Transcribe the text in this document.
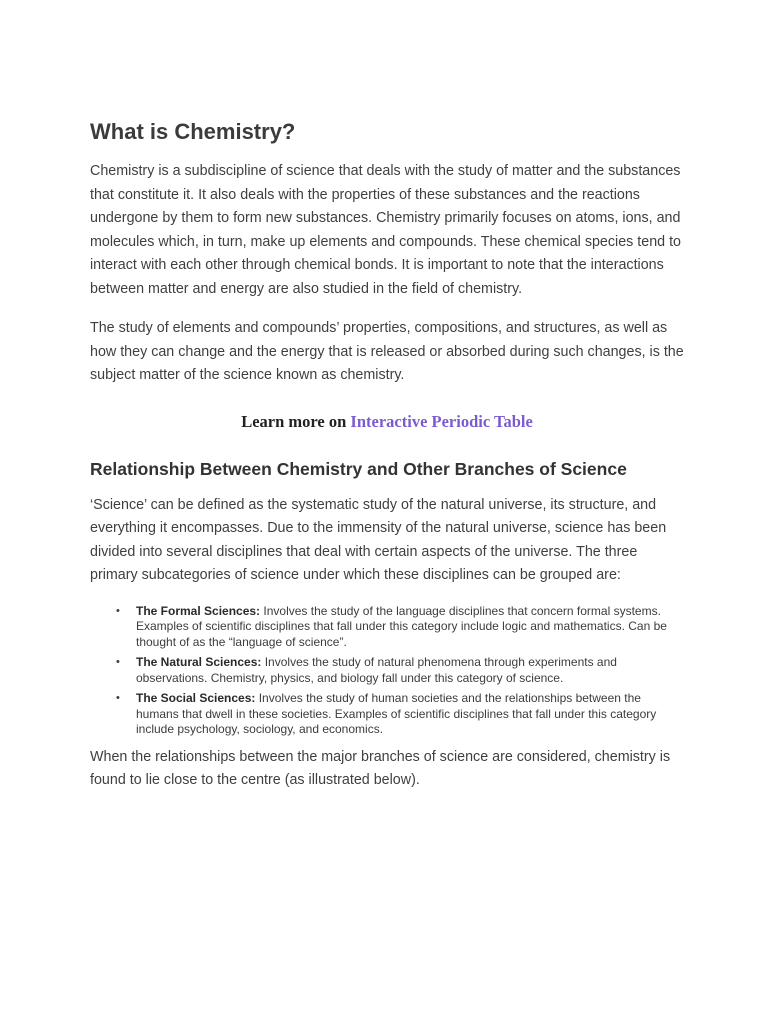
What is Chemistry?

Chemistry is a subdiscipline of science that deals with the study of matter and the substances that constitute it. It also deals with the properties of these substances and the reactions undergone by them to form new substances. Chemistry primarily focuses on atoms, ions, and molecules which, in turn, make up elements and compounds. These chemical species tend to interact with each other through chemical bonds. It is important to note that the interactions between matter and energy are also studied in the field of chemistry.

The study of elements and compounds’ properties, compositions, and structures, as well as how they can change and the energy that is released or absorbed during such changes, is the subject matter of the science known as chemistry.

Learn more on Interactive Periodic Table
Relationship Between Chemistry and Other Branches of Science

‘Science’ can be defined as the systematic study of the natural universe, its structure, and everything it encompasses. Due to the immensity of the natural universe, science has been divided into several disciplines that deal with certain aspects of the universe. The three primary subcategories of science under which these disciplines can be grouped are:

• The Formal Sciences: Involves the study of the language disciplines that concern formal systems. Examples of scientific disciplines that fall under this category include logic and mathematics. Can be thought of as the “language of science”.
• The Natural Sciences: Involves the study of natural phenomena through experiments and observations. Chemistry, physics, and biology fall under this category of science.
• The Social Sciences: Involves the study of human societies and the relationships between the humans that dwell in these societies. Examples of scientific disciplines that fall under this category include psychology, sociology, and economics.

When the relationships between the major branches of science are considered, chemistry is found to lie close to the centre (as illustrated below).
